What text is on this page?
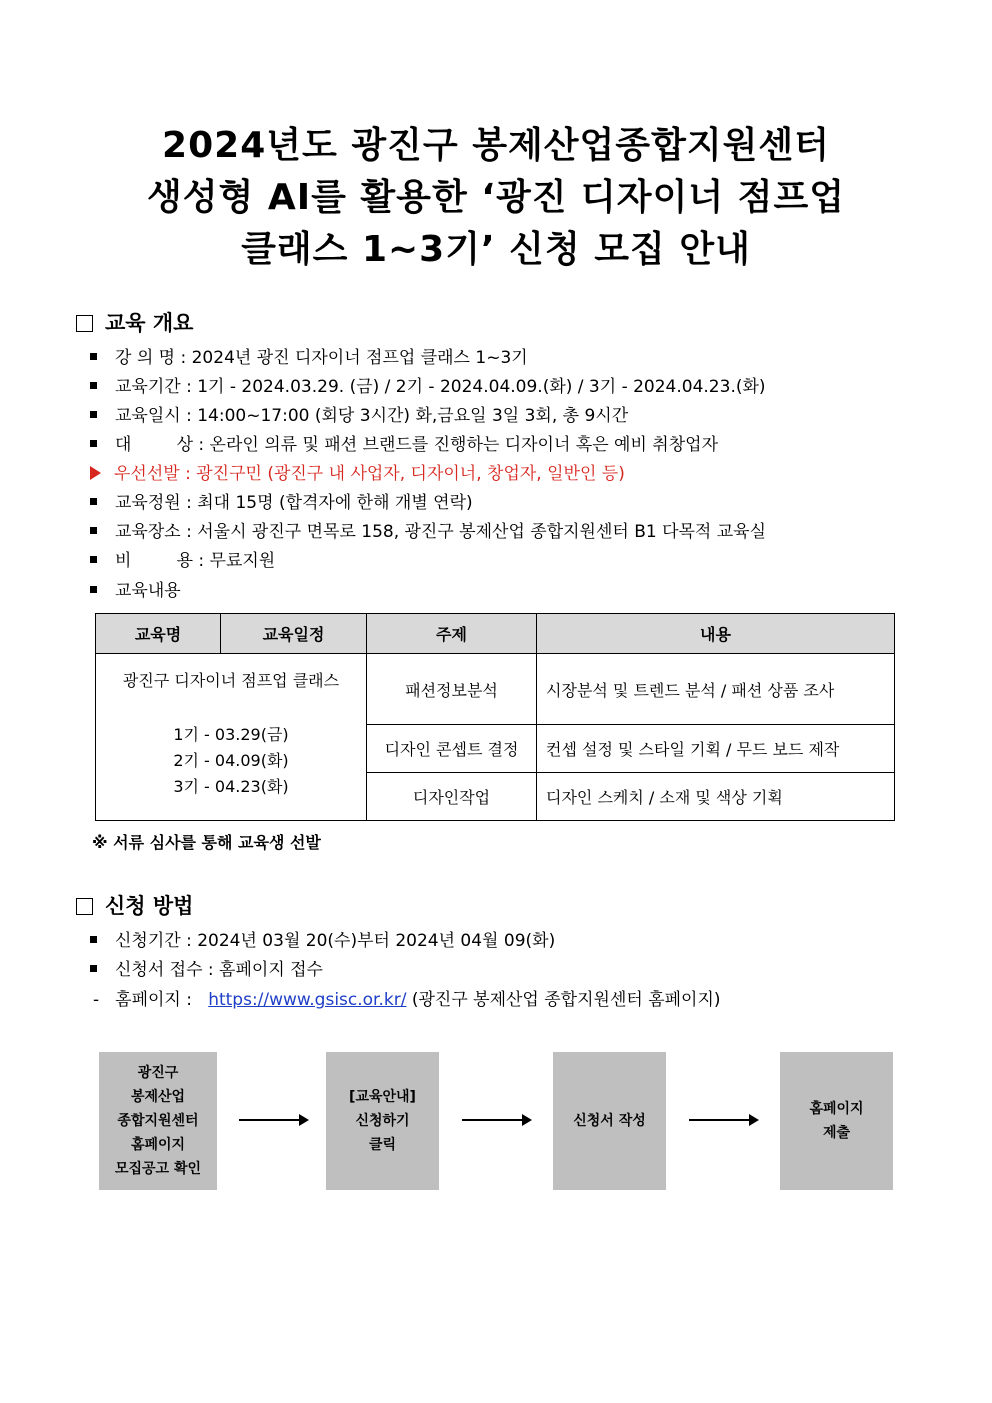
2024년도 광진구 봉제산업종합지원센터
생성형 AI를 활용한 ‘광진 디자이너 점프업
클래스 1~3기’ 신청 모집 안내
교육 개요
강 의 명 : 2024년 광진 디자이너 점프업 클래스 1~3기
교육기간 : 1기 - 2024.03.29. (금) / 2기 - 2024.04.09.(화) / 3기 - 2024.04.23.(화)
교육일시 : 14:00~17:00 (회당 3시간) 화,금요일 3일 3회, 총 9시간
대 상 : 온라인 의류 및 패션 브랜드를 진행하는 디자이너 혹은 예비 취창업자
우선선발 : 광진구민 (광진구 내 사업자, 디자이너, 창업자, 일반인 등)
교육정원 : 최대 15명 (합격자에 한해 개별 연락)
교육장소 : 서울시 광진구 면목로 158, 광진구 봉제산업 종합지원센터 B1 다목적 교육실
비 용 : 무료지원
교육내용
교육명	교육일정	주제	내용

광진구 디자이너 점프업 클래스
1기 - 03.29(금)
2기 - 04.09(화)
3기 - 04.23(화)		패션정보분석	시장분석 및 트렌드 분석 / 패션 상품 조사
		디자인 콘셉트 결정	컨셉 설정 및 스타일 기획 / 무드 보드 제작
		디자인작업	디자인 스케치 / 소재 및 색상 기획
※ 서류 심사를 통해 교육생 선발
신청 방법
신청기간 : 2024년 03월 20(수)부터 2024년 04월 09(화)
신청서 접수 : 홈페이지 접수
- 홈페이지 : https://www.gsisc.or.kr/ (광진구 봉제산업 종합지원센터 홈페이지)
광진구
봉제산업
종합지원센터
홈페이지
모집공고 확인
[교육안내]
신청하기
클릭
신청서 작성
홈페이지
제출
